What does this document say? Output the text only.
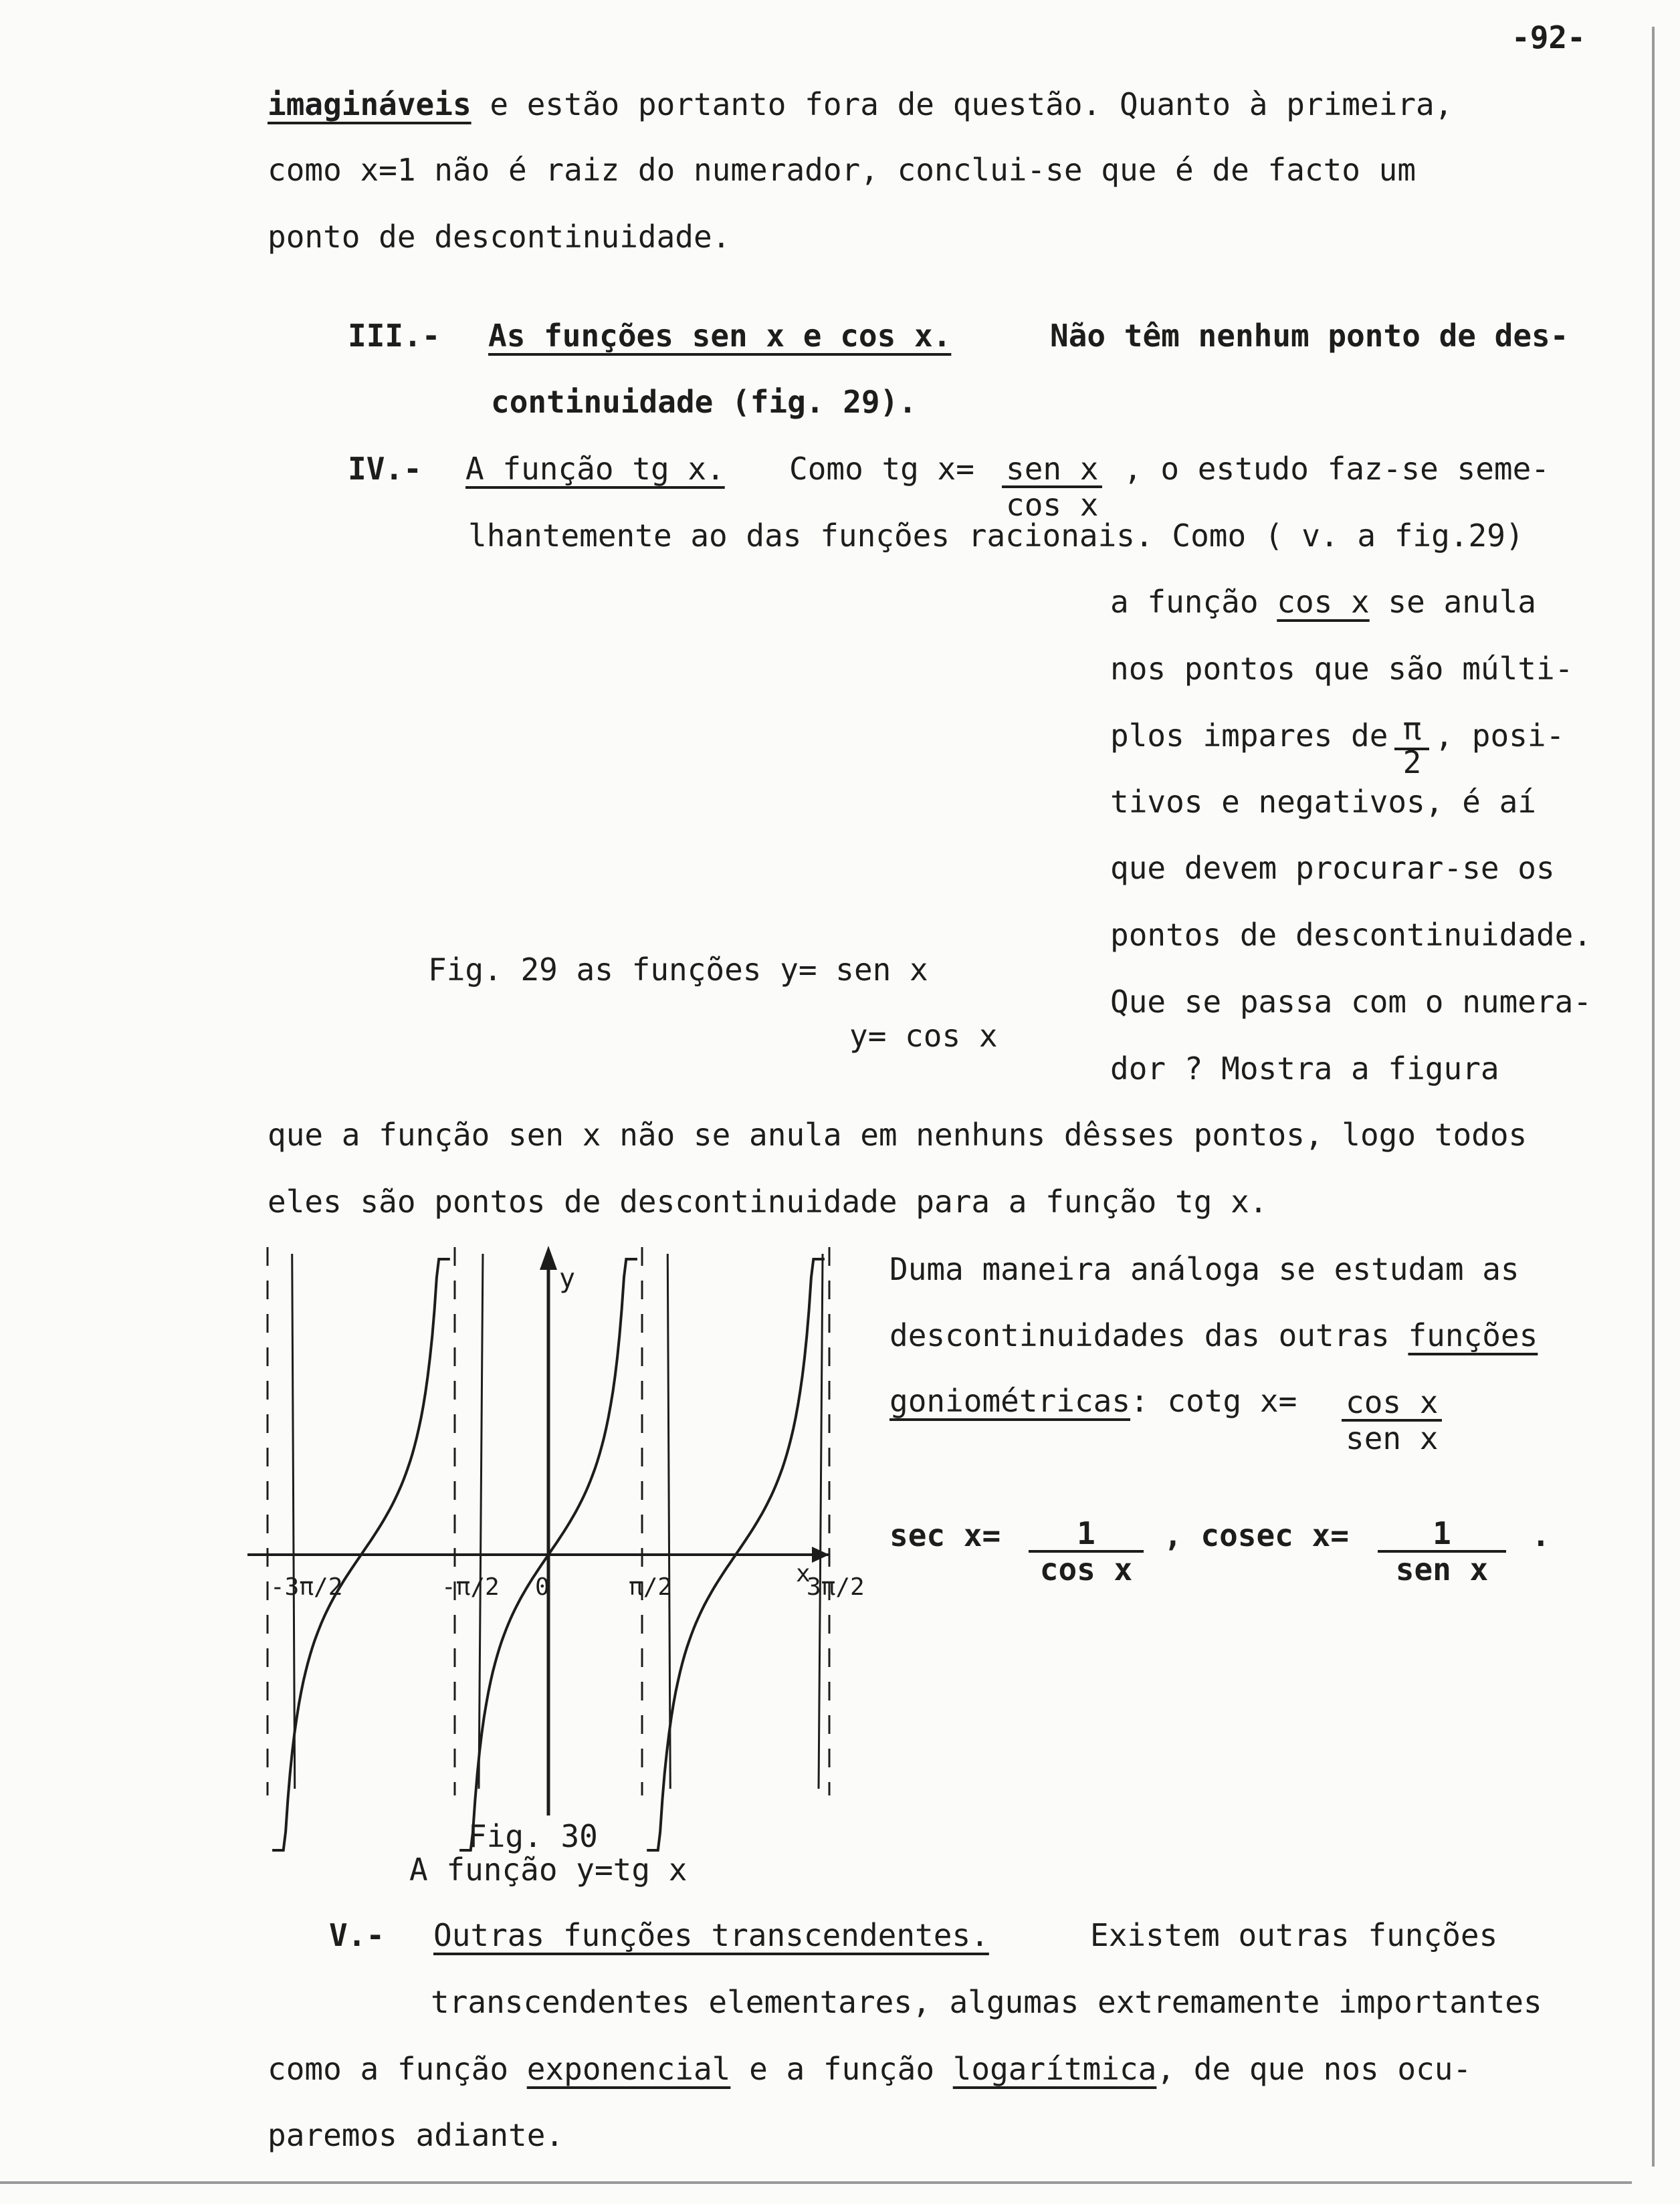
-92-
imagináveis e estão portanto fora de questão. Quanto à primeira,
como x=1 não é raiz do numerador, conclui-se que é de facto um
ponto de descontinuidade.
III.- As funções sen x e cos x.	Não têm nenhum ponto de des-
continuidade (fig. 29).
IV.- A função tg x. Como tg x= sen x
cos x
, o estudo faz-se seme-
lhantemente ao das funções racionais. Como ( v. a fig.29)
a função cos x se anula
nos pontos que são múlti-
plos impares de $\frac{\pi}{2}$ , posi-
tivos e negativos, é aí
que devem procurar-se os
pontos de descontinuidade.
Que se passa com o numera-
dor ? Mostra a figura
Fig. 29 as funções y= sen x
y= cos x
que a função sen x não se anula em nenhuns dêsses pontos, logo todos
eles são pontos de descontinuidade para a função tg x.
y
x
-3π/2	-π/2 0	π/2	3π/2
Fig. 30
A função y=tg x
Duma maneira análoga se estudam as
descontinuidades das outras funções
goniométricas: cotg x= cos x
sen x
$\sec x= \frac{1}{\text{cos x}}$ , cosec x=	1
sen x
.
V.- Outras funções transcendentes.	Existem outras funções
transcendentes elementares, algumas extremamente importantes
como a função exponencial e a função logarítmica, de que nos ocu-
paremos adiante.
